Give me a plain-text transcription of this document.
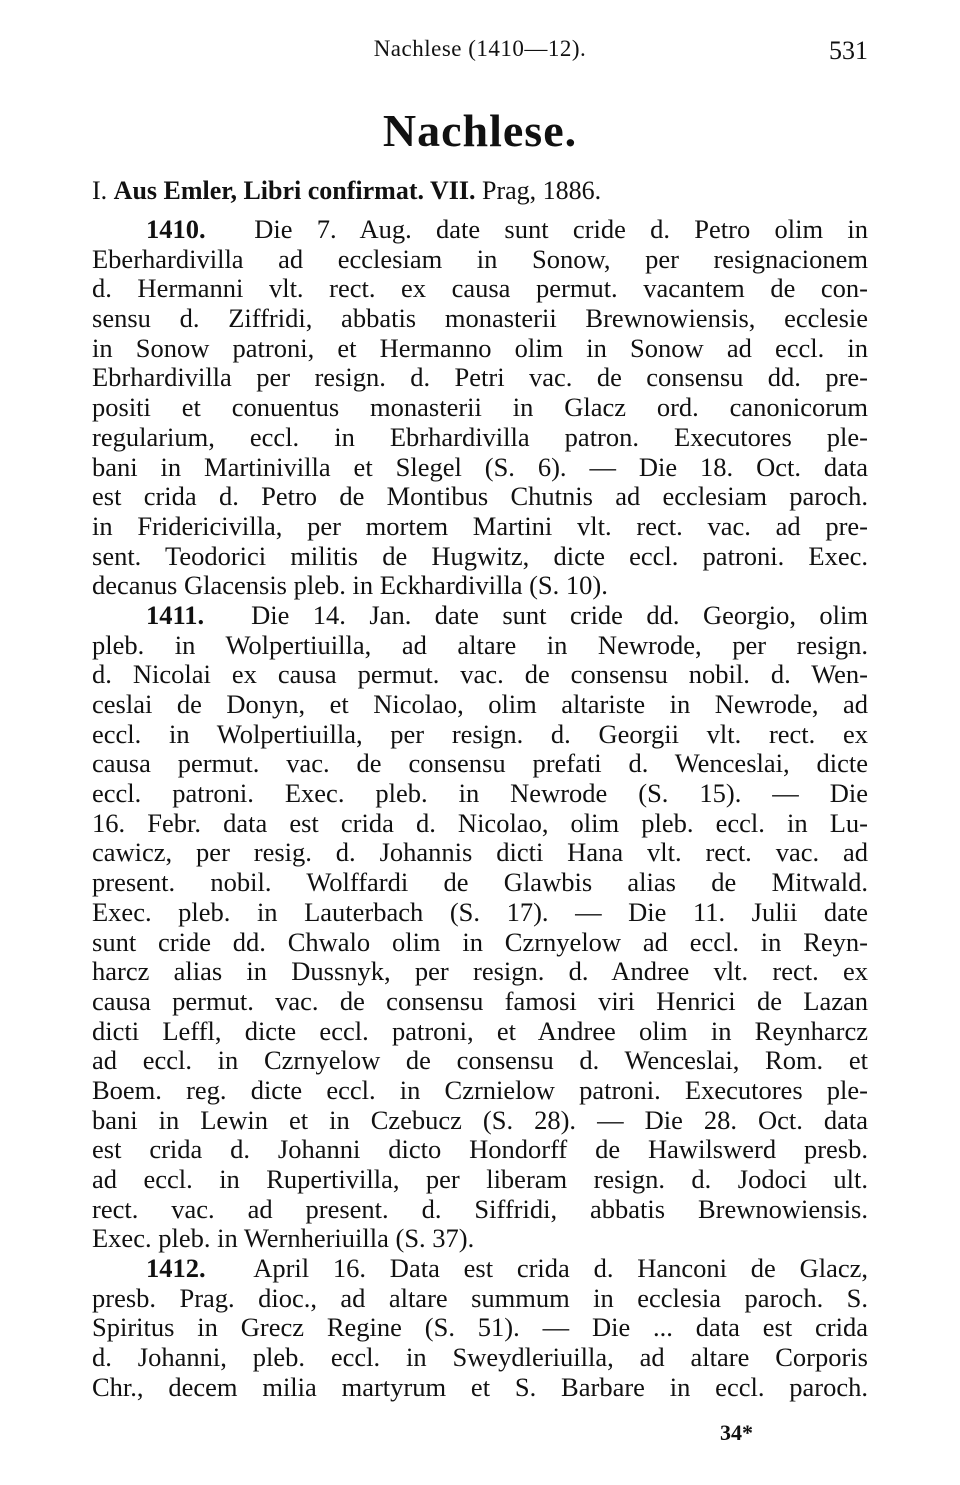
Nachlese (1410—12).	531
Nachlese.
I. Aus Emler, Libri confirmat. VII. Prag, 1886.
1410. Die 7. Aug. date sunt cride d. Petro olim in
Eberhardivilla ad ecclesiam in Sonow, per resignacionem
d. Hermanni vlt. rect. ex causa permut. vacantem de con-
sensu d. Ziffridi, abbatis monasterii Brewnowiensis, ecclesie
in Sonow patroni, et Hermanno olim in Sonow ad eccl. in
Ebrhardivilla per resign. d. Petri vac. de consensu dd. pre-
positi et conuentus monasterii in Glacz ord. canonicorum
regularium, eccl. in Ebrhardivilla patron. Executores ple-
bani in Martinivilla et Slegel (S. 6). — Die 18. Oct. data
est crida d. Petro de Montibus Chutnis ad ecclesiam paroch.
in Fridericivilla, per mortem Martini vlt. rect. vac. ad pre-
sent. Teodorici militis de Hugwitz, dicte eccl. patroni. Exec.
decanus Glacensis pleb. in Eckhardivilla (S. 10).
1411. Die 14. Jan. date sunt cride dd. Georgio, olim
pleb. in Wolpertiuilla, ad altare in Newrode, per resign.
d. Nicolai ex causa permut. vac. de consensu nobil. d. Wen-
ceslai de Donyn, et Nicolao, olim altariste in Newrode, ad
eccl. in Wolpertiuilla, per resign. d. Georgii vlt. rect. ex
causa permut. vac. de consensu prefati d. Wenceslai, dicte
eccl. patroni. Exec. pleb. in Newrode (S. 15). — Die
16. Febr. data est crida d. Nicolao, olim pleb. eccl. in Lu-
cawicz, per resig. d. Johannis dicti Hana vlt. rect. vac. ad
present. nobil. Wolffardi de Glawbis alias de Mitwald.
Exec. pleb. in Lauterbach (S. 17). — Die 11. Julii date
sunt cride dd. Chwalo olim in Czrnyelow ad eccl. in Reyn-
harcz alias in Dussnyk, per resign. d. Andree vlt. rect. ex
causa permut. vac. de consensu famosi viri Henrici de Lazan
dicti Leffl, dicte eccl. patroni, et Andree olim in Reynharcz
ad eccl. in Czrnyelow de consensu d. Wenceslai, Rom. et
Boem. reg. dicte eccl. in Czrnielow patroni. Executores ple-
bani in Lewin et in Czebucz (S. 28). — Die 28. Oct. data
est crida d. Johanni dicto Hondorff de Hawilswerd presb.
ad eccl. in Rupertivilla, per liberam resign. d. Jodoci ult.
rect. vac. ad present. d. Siffridi, abbatis Brewnowiensis.
Exec. pleb. in Wernheriuilla (S. 37).
1412. April 16. Data est crida d. Hanconi de Glacz,
presb. Prag. dioc., ad altare summum in ecclesia paroch. S.
Spiritus in Grecz Regine (S. 51). — Die ... data est crida
d. Johanni, pleb. eccl. in Sweydleriuilla, ad altare Corporis
Chr., decem milia martyrum et S. Barbare in eccl. paroch.
34*
